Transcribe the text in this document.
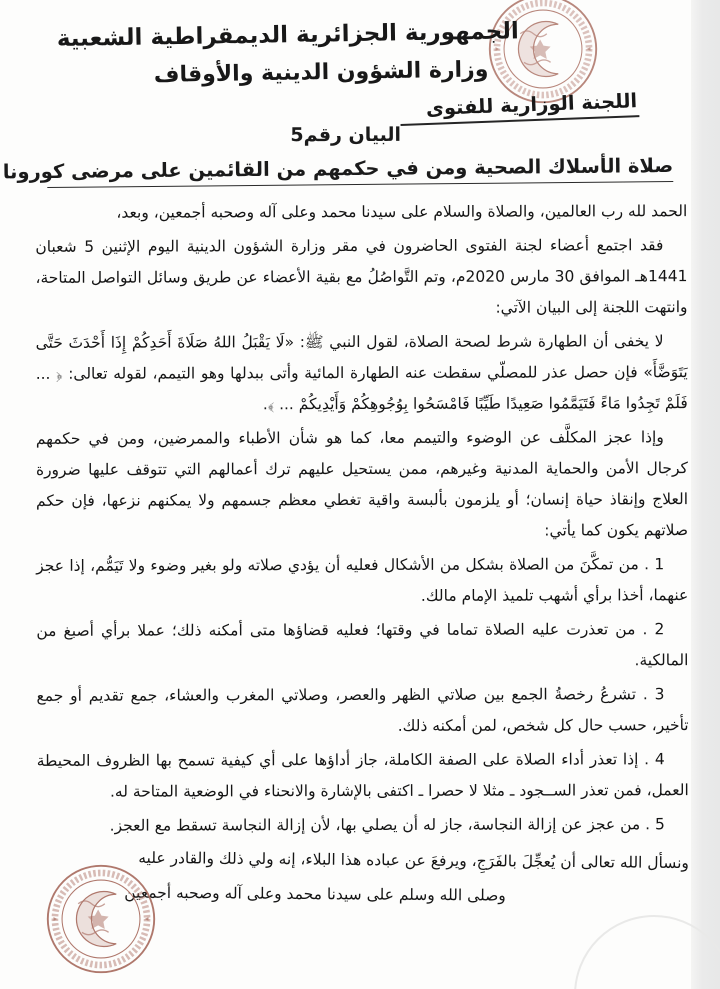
الجمهورية الجزائرية الديمقراطية الشعبية
وزارة الشؤون الدينية والأوقاف
اللجنة الوزارية للفتوى
البيان رقم5
صلاة الأسلاك الصحية ومن في حكمهم من القائمين على مرضى كورونا

الحمد لله رب العالمين، والصلاة والسلام على سيدنا محمد وعلى آله وصحبه أجمعين، وبعد،

فقد اجتمع أعضاء لجنة الفتوى الحاضرون في مقر وزارة الشؤون الدينية اليوم الإثنين 5 شعبان 1441هـ الموافق 30 مارس 2020م، وتم التَّواصُلُ مع بقية الأعضاء عن طريق وسائل التواصل المتاحة، وانتهت اللجنة إلى البيان الآتي:

لا يخفى أن الطهارة شرط لصحة الصلاة، لقول النبي ﷺ: «لَا يَقْبَلُ اللهُ صَلَاةَ أَحَدِكُمْ إِذَا أَحْدَثَ حَتَّى يَتَوَضَّأَ» فإن حصل عذر للمصلّي سقطت عنه الطهارة المائية وأتى ببدلها وهو التيمم، لقوله تعالى: ﴿ ... فَلَمْ تَجِدُوا مَاءً فَتَيَمَّمُوا صَعِيدًا طَيِّبًا فَامْسَحُوا بِوُجُوهِكُمْ وَأَيْدِيكُمْ ... ﴾.

وإذا عجز المكلَّف عن الوضوء والتيمم معا، كما هو شأن الأطباء والممرضين، ومن في حكمهم كرجال الأمن والحماية المدنية وغيرهم، ممن يستحيل عليهم ترك أعمالهم التي تتوقف عليها ضرورة العلاج وإنقاذ حياة إنسان؛ أو يلزمون بألبسة واقية تغطي معظم جسمهم ولا يمكنهم نزعها، فإن حكم صلاتهم يكون كما يأتي:

1 . من تمكَّنَ من الصلاة بشكل من الأشكال فعليه أن يؤدي صلاته ولو بغير وضوء ولا تَيَمُّم، إذا عجز عنهما، أخذا برأي أشهب تلميذ الإمام مالك.

2 . من تعذرت عليه الصلاة تماما في وقتها؛ فعليه قضاؤها متى أمكنه ذلك؛ عملا برأي أصبغ من المالكية.

3 . تشرعُ رخصةُ الجمع بين صلاتي الظهر والعصر، وصلاتي المغرب والعشاء، جمع تقديم أو جمع تأخير، حسب حال كل شخص، لمن أمكنه ذلك.

4 . إذا تعذر أداء الصلاة على الصفة الكاملة، جاز أداؤها على أي كيفية تسمح بها الظروف المحيطة العمل، فمن تعذر الســجود ـ مثلا لا حصرا ـ اكتفى بالإشارة والانحناء في الوضعية المتاحة له.

5 . من عجز عن إزالة النجاسة، جاز له أن يصلي بها، لأن إزالة النجاسة تسقط مع العجز.

ونسأل الله تعالى أن يُعجِّلَ بالفَرَجِ، ويرفعَ عن عباده هذا البلاء، إنه ولي ذلك والقادر عليه

وصلى الله وسلم على سيدنا محمد وعلى آله وصحبه أجمعين
